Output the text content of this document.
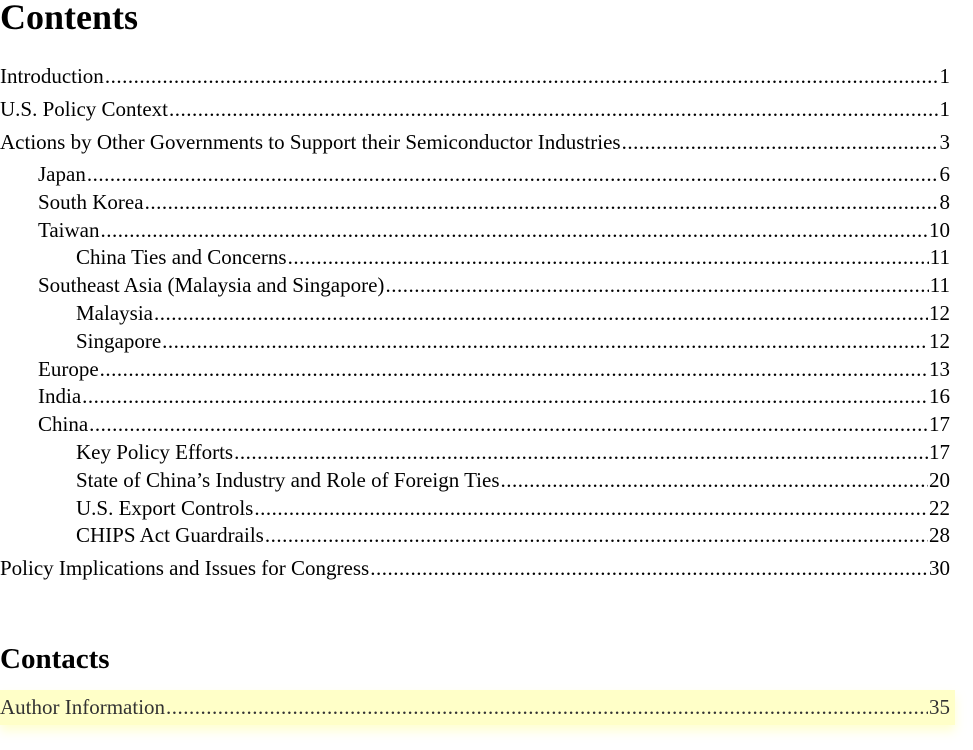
Contents
Introduction .....	1
U.S. Policy Context .....	1
Actions by Other Governments to Support their Semiconductor Industries .....	3
Japan .....	6
South Korea .....	8
Taiwan .....	10
China Ties and Concerns .....	11
Southeast Asia (Malaysia and Singapore) .....	11
Malaysia .....	12
Singapore .....	12
Europe .....	13
India .....	16
China .....	17
Key Policy Efforts .....	17
State of China’s Industry and Role of Foreign Ties .....	20
U.S. Export Controls .....	22
CHIPS Act Guardrails .....	28
Policy Implications and Issues for Congress .....	30
Contacts
Author Information .....	35
